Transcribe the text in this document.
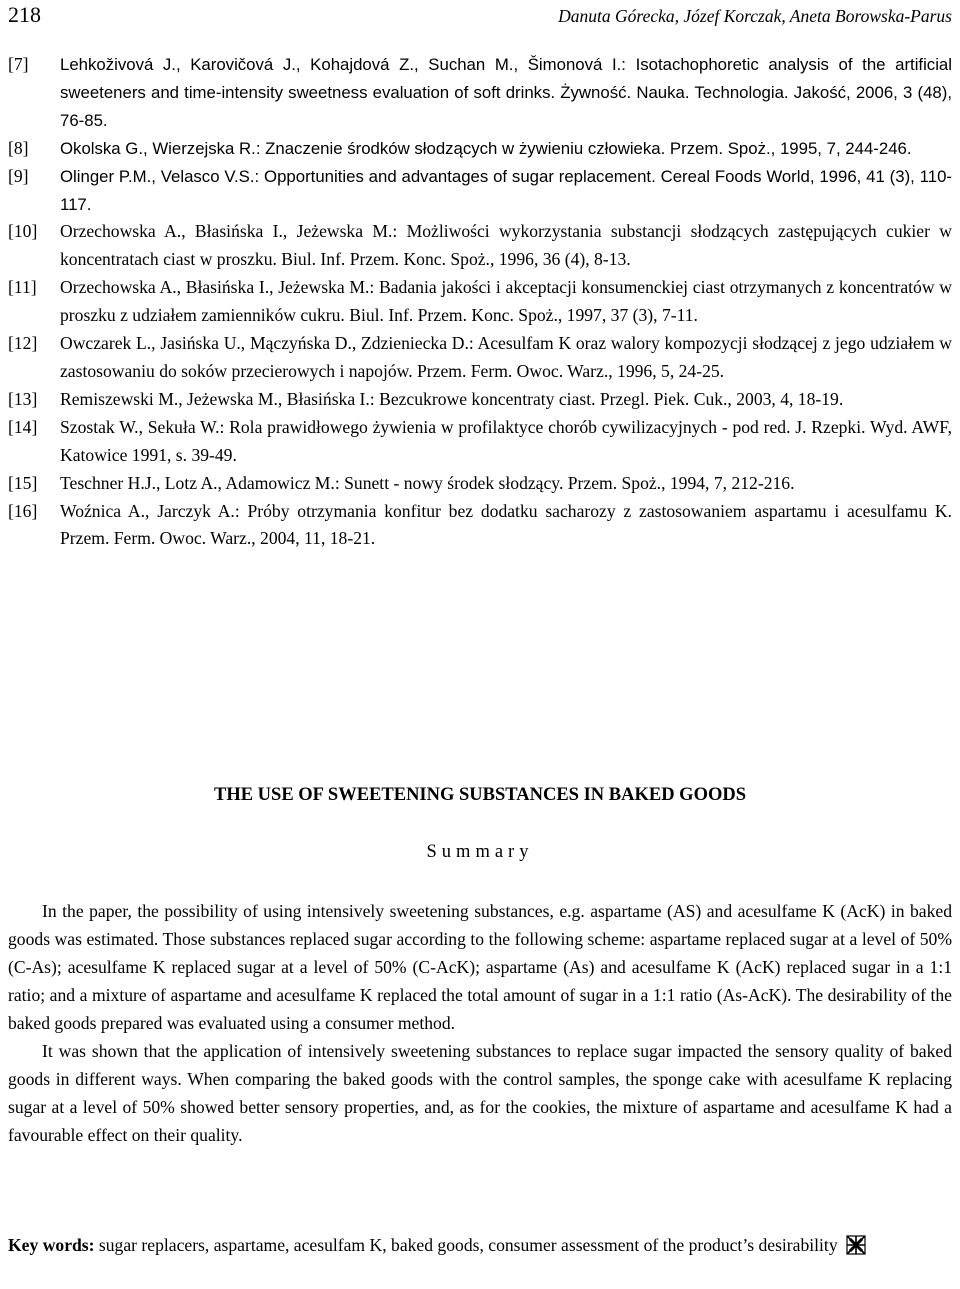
218	Danuta Górecka, Józef Korczak, Aneta Borowska-Parus
[7]	Lehkoživová J., Karovičová J., Kohajdová Z., Suchan M., Šimonová I.: Isotachophoretic analysis of the artificial sweeteners and time-intensity sweetness evaluation of soft drinks. Żywność. Nauka. Technologia. Jakość, 2006, 3 (48), 76-85.
[8]	Okolska G., Wierzejska R.: Znaczenie środków słodzących w żywieniu człowieka. Przem. Spoż., 1995, 7, 244-246.
[9]	Olinger P.M., Velasco V.S.: Opportunities and advantages of sugar replacement. Cereal Foods World, 1996, 41 (3), 110-117.
[10]	Orzechowska A., Błasińska I., Jeżewska M.: Możliwości wykorzystania substancji słodzących zastępujących cukier w koncentratach ciast w proszku. Biul. Inf. Przem. Konc. Spoż., 1996, 36 (4), 8-13.
[11]	Orzechowska A., Błasińska I., Jeżewska M.: Badania jakości i akceptacji konsumenckiej ciast otrzymanych z koncentratów w proszku z udziałem zamienników cukru. Biul. Inf. Przem. Konc. Spoż., 1997, 37 (3), 7-11.
[12]	Owczarek L., Jasińska U., Mączyńska D., Zdzieniecka D.: Acesulfam K oraz walory kompozycji słodzącej z jego udziałem w zastosowaniu do soków przecierowych i napojów. Przem. Ferm. Owoc. Warz., 1996, 5, 24-25.
[13]	Remiszewski M., Jeżewska M., Błasińska I.: Bezcukrowe koncentraty ciast. Przegl. Piek. Cuk., 2003, 4, 18-19.
[14]	Szostak W., Sekuła W.: Rola prawidłowego żywienia w profilaktyce chorób cywilizacyjnych - pod red. J. Rzepki. Wyd. AWF, Katowice 1991, s. 39-49.
[15]	Teschner H.J., Lotz A., Adamowicz M.: Sunett - nowy środek słodzący. Przem. Spoż., 1994, 7, 212-216.
[16]	Woźnica A., Jarczyk A.: Próby otrzymania konfitur bez dodatku sacharozy z zastosowaniem aspartamu i acesulfamu K. Przem. Ferm. Owoc. Warz., 2004, 11, 18-21.
THE USE OF SWEETENING SUBSTANCES IN BAKED GOODS
Summary

In the paper, the possibility of using intensively sweetening substances, e.g. aspartame (AS) and acesulfame K (AcK) in baked goods was estimated. Those substances replaced sugar according to the following scheme: aspartame replaced sugar at a level of 50% (C-As); acesulfame K replaced sugar at a level of 50% (C-AcK); aspartame (As) and acesulfame K (AcK) replaced sugar in a 1:1 ratio; and a mixture of aspartame and acesulfame K replaced the total amount of sugar in a 1:1 ratio (As-AcK). The desirability of the baked goods prepared was evaluated using a consumer method.

It was shown that the application of intensively sweetening substances to replace sugar impacted the sensory quality of baked goods in different ways. When comparing the baked goods with the control samples, the sponge cake with acesulfame K replacing sugar at a level of 50% showed better sensory properties, and, as for the cookies, the mixture of aspartame and acesulfame K had a favourable effect on their quality.

Key words: sugar replacers, aspartame, acesulfam K, baked goods, consumer assessment of the product’s desirability
